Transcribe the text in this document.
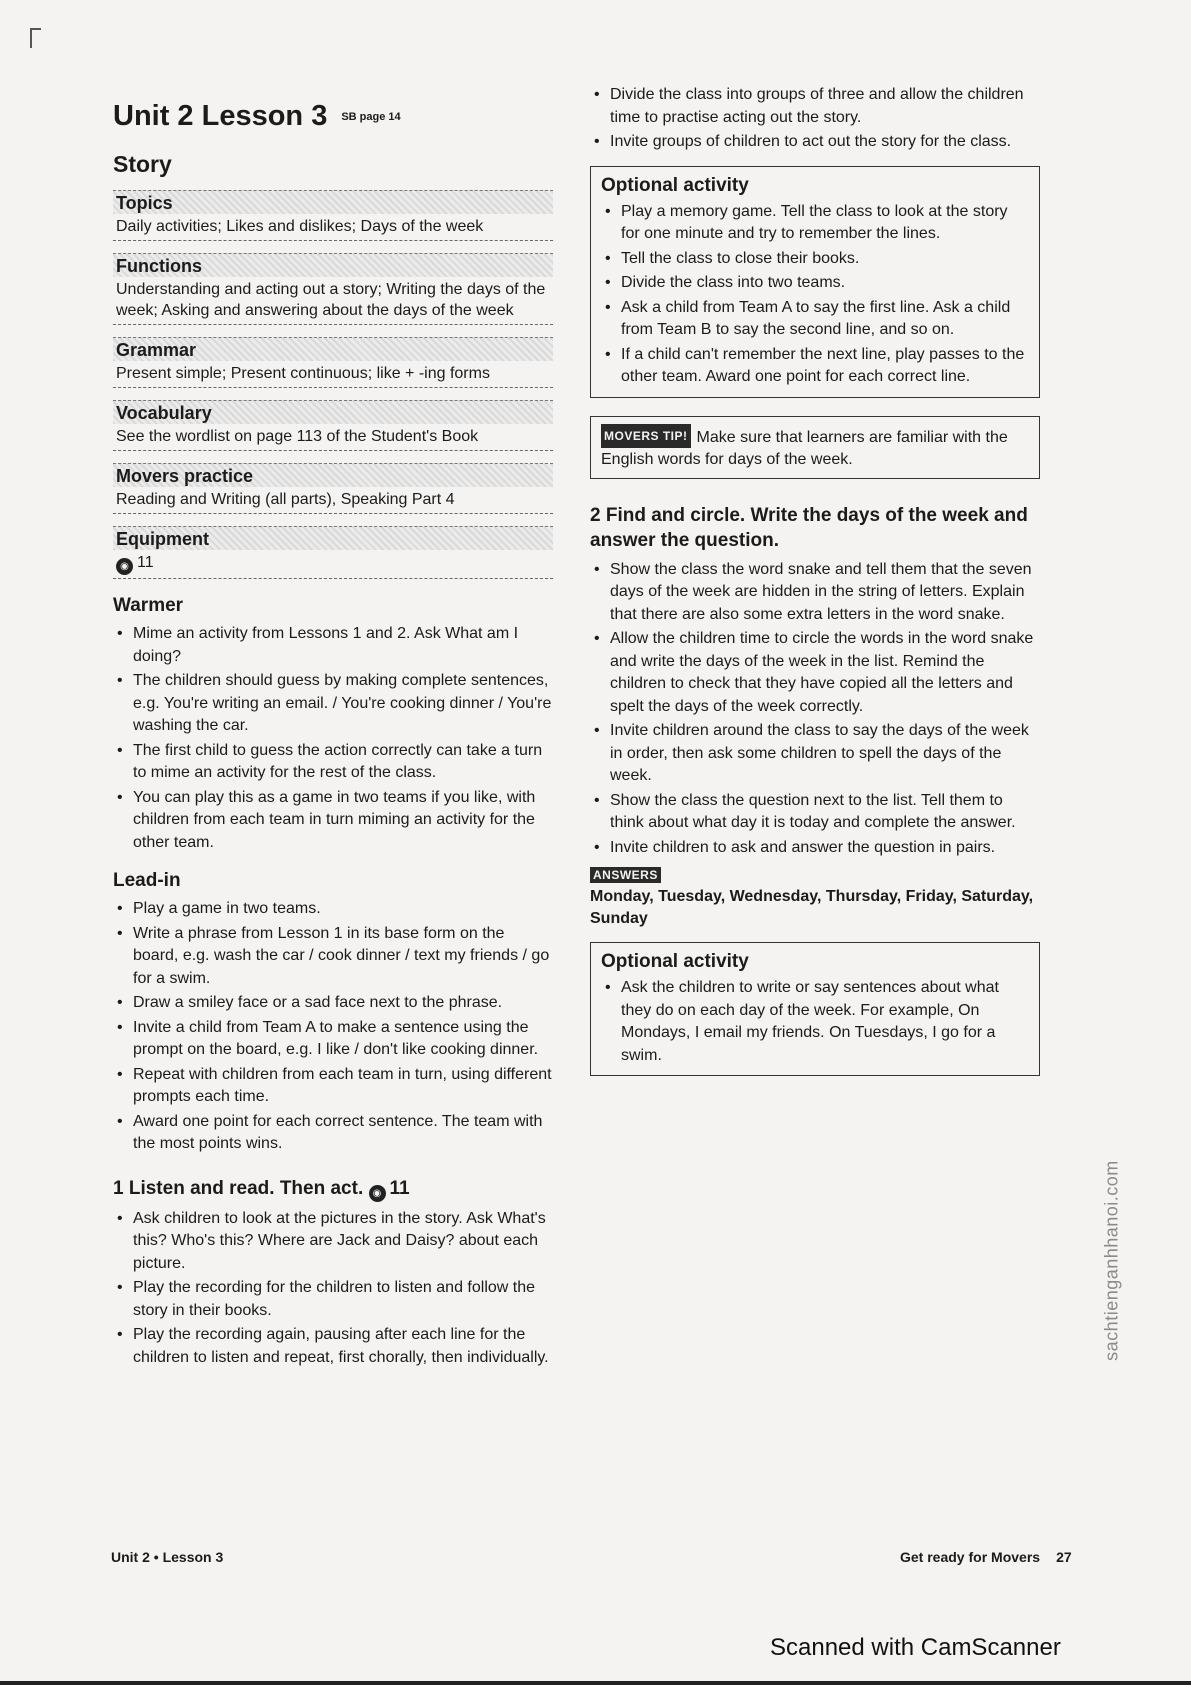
Unit 2 Lesson 3 SB page 14
Story
Topics
Daily activities; Likes and dislikes; Days of the week
Functions
Understanding and acting out a story; Writing the days of the week; Asking and answering about the days of the week
Grammar
Present simple; Present continuous; like + -ing forms
Vocabulary
See the wordlist on page 113 of the Student's Book
Movers practice
Reading and Writing (all parts), Speaking Part 4
Equipment
◉ 11
Warmer
• Mime an activity from Lessons 1 and 2. Ask What am I doing?
• The children should guess by making complete sentences, e.g. You're writing an email. / You're cooking dinner / You're washing the car.
• The first child to guess the action correctly can take a turn to mime an activity for the rest of the class.
• You can play this as a game in two teams if you like, with children from each team in turn miming an activity for the other team.
Lead-in
• Play a game in two teams.
• Write a phrase from Lesson 1 in its base form on the board, e.g. wash the car / cook dinner / text my friends / go for a swim.
• Draw a smiley face or a sad face next to the phrase.
• Invite a child from Team A to make a sentence using the prompt on the board, e.g. I like / don't like cooking dinner.
• Repeat with children from each team in turn, using different prompts each time.
• Award one point for each correct sentence. The team with the most points wins.
1 Listen and read. Then act. ◉ 11
• Ask children to look at the pictures in the story. Ask What's this? Who's this? Where are Jack and Daisy? about each picture.
• Play the recording for the children to listen and follow the story in their books.
• Play the recording again, pausing after each line for the children to listen and repeat, first chorally, then individually.
• Divide the class into groups of three and allow the children time to practise acting out the story.
• Invite groups of children to act out the story for the class.
Optional activity
• Play a memory game. Tell the class to look at the story for one minute and try to remember the lines.
• Tell the class to close their books.
• Divide the class into two teams.
• Ask a child from Team A to say the first line. Ask a child from Team B to say the second line, and so on.
• If a child can't remember the next line, play passes to the other team. Award one point for each correct line.
MOVERS TIP! Make sure that learners are familiar with the English words for days of the week.
2 Find and circle. Write the days of the week and answer the question.
• Show the class the word snake and tell them that the seven days of the week are hidden in the string of letters. Explain that there are also some extra letters in the word snake.
• Allow the children time to circle the words in the word snake and write the days of the week in the list. Remind the children to check that they have copied all the letters and spelt the days of the week correctly.
• Invite children around the class to say the days of the week in order, then ask some children to spell the days of the week.
• Show the class the question next to the list. Tell them to think about what day it is today and complete the answer.
• Invite children to ask and answer the question in pairs.
ANSWERS
Monday, Tuesday, Wednesday, Thursday, Friday, Saturday, Sunday
Optional activity
• Ask the children to write or say sentences about what they do on each day of the week. For example, On Mondays, I email my friends. On Tuesdays, I go for a swim.
Unit 2 • Lesson 3	Get ready for Movers 27
sachtienganhhanoi.com
Scanned with CamScanner
